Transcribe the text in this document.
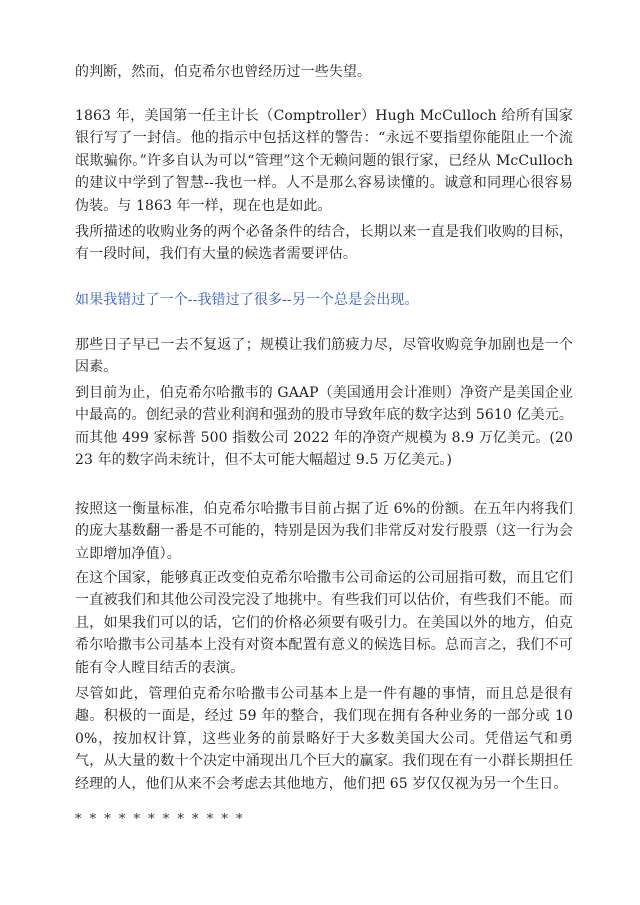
的判断，然而，伯克希尔也曾经历过一些失望。

1863 年，美国第一任主计长（Comptroller）Hugh McCulloch 给所有国家银行写了一封信。他的指示中包括这样的警告：“永远不要指望你能阻止一个流氓欺骗你。”许多自认为可以“管理”这个无赖问题的银行家，已经从 McCulloch 的建议中学到了智慧--我也一样。人不是那么容易读懂的。诚意和同理心很容易伪装。与 1863 年一样，现在也是如此。

我所描述的收购业务的两个必备条件的结合，长期以来一直是我们收购的目标，有一段时间，我们有大量的候选者需要评估。

如果我错过了一个--我错过了很多--另一个总是会出现。

那些日子早已一去不复返了；规模让我们筋疲力尽，尽管收购竞争加剧也是一个因素。

到目前为止，伯克希尔哈撒韦的 GAAP（美国通用会计准则）净资产是美国企业中最高的。创纪录的营业利润和强劲的股市导致年底的数字达到 5610 亿美元。而其他 499 家标普 500 指数公司 2022 年的净资产规模为 8.9 万亿美元。(2023 年的数字尚未统计，但不太可能大幅超过 9.5 万亿美元。)

按照这一衡量标准，伯克希尔哈撒韦目前占据了近 6%的份额。在五年内将我们的庞大基数翻一番是不可能的，特别是因为我们非常反对发行股票（这一行为会立即增加净值）。

在这个国家，能够真正改变伯克希尔哈撒韦公司命运的公司屈指可数，而且它们一直被我们和其他公司没完没了地挑中。有些我们可以估价，有些我们不能。而且，如果我们可以的话，它们的价格必须要有吸引力。在美国以外的地方，伯克希尔哈撒韦公司基本上没有对资本配置有意义的候选目标。总而言之，我们不可能有令人瞠目结舌的表演。

尽管如此，管理伯克希尔哈撒韦公司基本上是一件有趣的事情，而且总是很有趣。积极的一面是，经过 59 年的整合，我们现在拥有各种业务的一部分或 100%，按加权计算，这些业务的前景略好于大多数美国大公司。凭借运气和勇气，从大量的数十个决定中涌现出几个巨大的赢家。我们现在有一小群长期担任经理的人，他们从来不会考虑去其他地方，他们把 65 岁仅仅视为另一个生日。

* * * * * * * * * * * *
